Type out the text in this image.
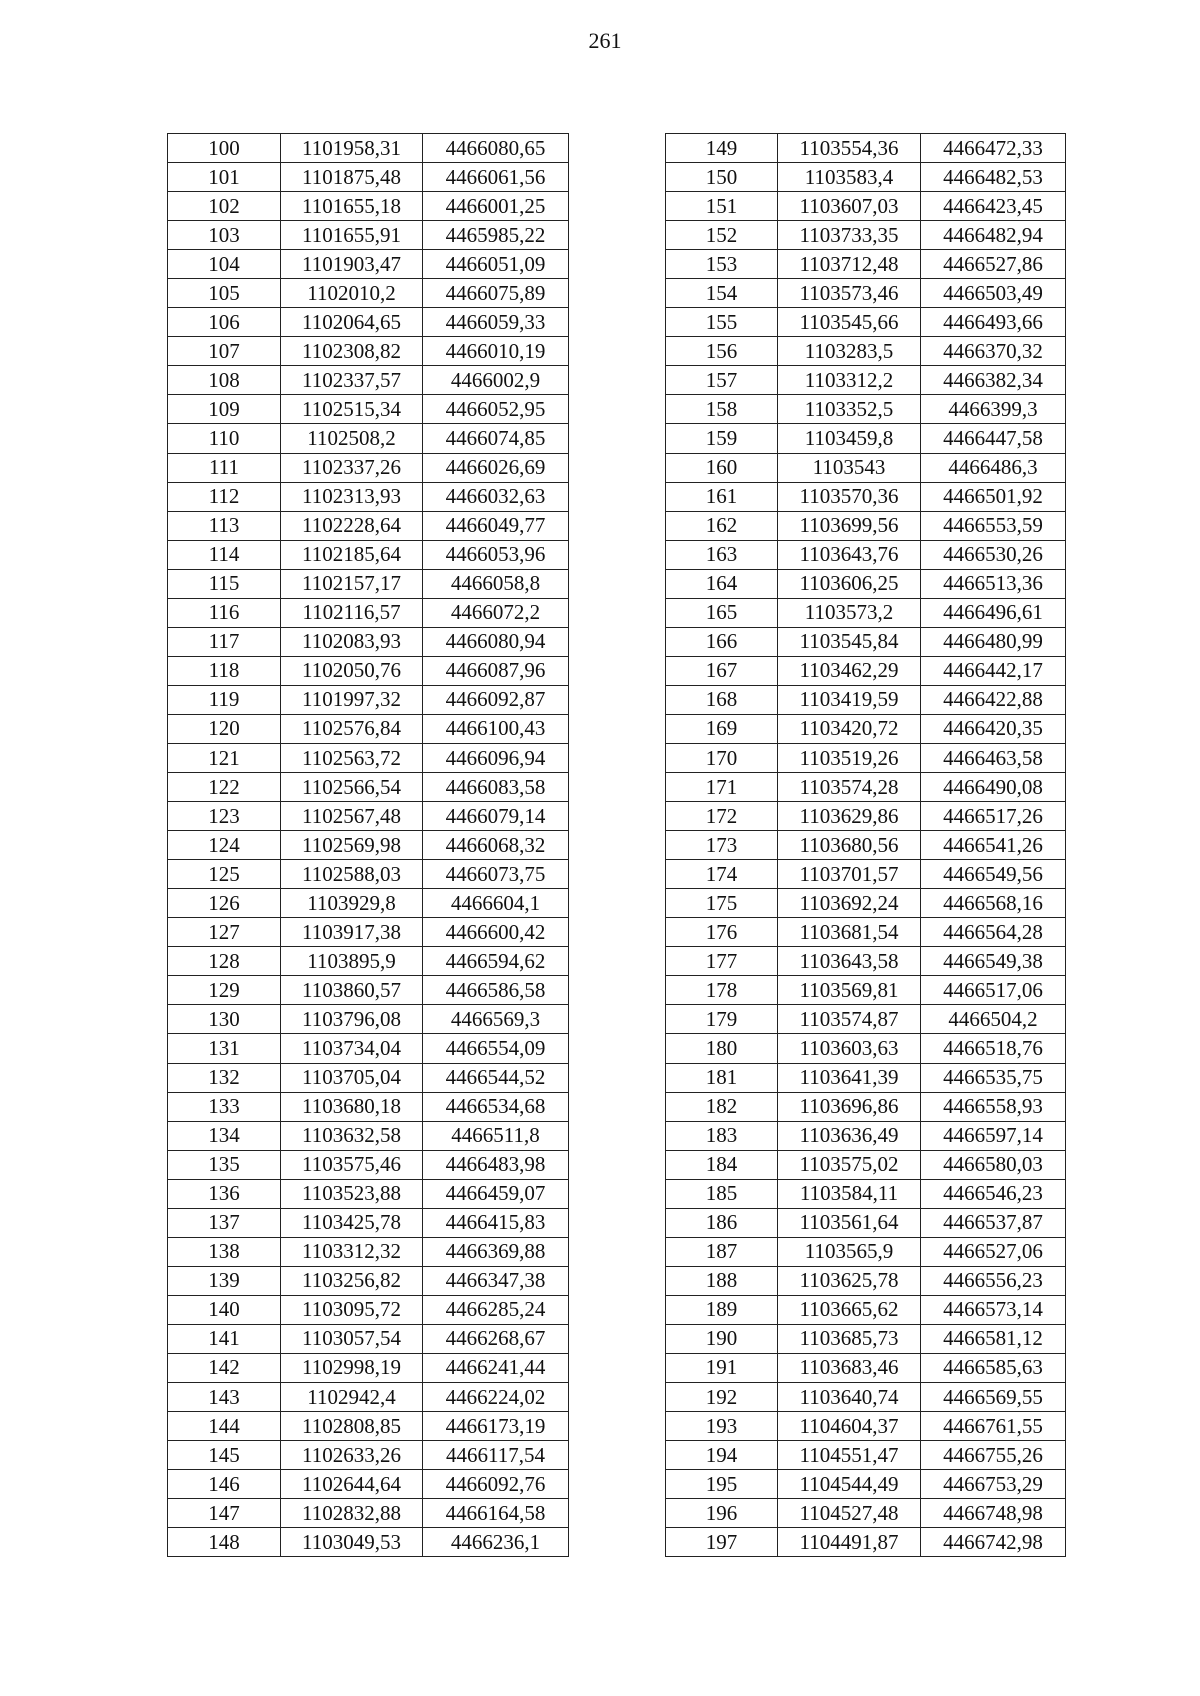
261
100	1101958,31	4466080,65
101	1101875,48	4466061,56
102	1101655,18	4466001,25
103	1101655,91	4465985,22
104	1101903,47	4466051,09
105	1102010,2	4466075,89
106	1102064,65	4466059,33
107	1102308,82	4466010,19
108	1102337,57	4466002,9
109	1102515,34	4466052,95
110	1102508,2	4466074,85
111	1102337,26	4466026,69
112	1102313,93	4466032,63
113	1102228,64	4466049,77
114	1102185,64	4466053,96
115	1102157,17	4466058,8
116	1102116,57	4466072,2
117	1102083,93	4466080,94
118	1102050,76	4466087,96
119	1101997,32	4466092,87
120	1102576,84	4466100,43
121	1102563,72	4466096,94
122	1102566,54	4466083,58
123	1102567,48	4466079,14
124	1102569,98	4466068,32
125	1102588,03	4466073,75
126	1103929,8	4466604,1
127	1103917,38	4466600,42
128	1103895,9	4466594,62
129	1103860,57	4466586,58
130	1103796,08	4466569,3
131	1103734,04	4466554,09
132	1103705,04	4466544,52
133	1103680,18	4466534,68
134	1103632,58	4466511,8
135	1103575,46	4466483,98
136	1103523,88	4466459,07
137	1103425,78	4466415,83
138	1103312,32	4466369,88
139	1103256,82	4466347,38
140	1103095,72	4466285,24
141	1103057,54	4466268,67
142	1102998,19	4466241,44
143	1102942,4	4466224,02
144	1102808,85	4466173,19
145	1102633,26	4466117,54
146	1102644,64	4466092,76
147	1102832,88	4466164,58
148	1103049,53	4466236,1
149	1103554,36	4466472,33
150	1103583,4	4466482,53
151	1103607,03	4466423,45
152	1103733,35	4466482,94
153	1103712,48	4466527,86
154	1103573,46	4466503,49
155	1103545,66	4466493,66
156	1103283,5	4466370,32
157	1103312,2	4466382,34
158	1103352,5	4466399,3
159	1103459,8	4466447,58
160	1103543	4466486,3
161	1103570,36	4466501,92
162	1103699,56	4466553,59
163	1103643,76	4466530,26
164	1103606,25	4466513,36
165	1103573,2	4466496,61
166	1103545,84	4466480,99
167	1103462,29	4466442,17
168	1103419,59	4466422,88
169	1103420,72	4466420,35
170	1103519,26	4466463,58
171	1103574,28	4466490,08
172	1103629,86	4466517,26
173	1103680,56	4466541,26
174	1103701,57	4466549,56
175	1103692,24	4466568,16
176	1103681,54	4466564,28
177	1103643,58	4466549,38
178	1103569,81	4466517,06
179	1103574,87	4466504,2
180	1103603,63	4466518,76
181	1103641,39	4466535,75
182	1103696,86	4466558,93
183	1103636,49	4466597,14
184	1103575,02	4466580,03
185	1103584,11	4466546,23
186	1103561,64	4466537,87
187	1103565,9	4466527,06
188	1103625,78	4466556,23
189	1103665,62	4466573,14
190	1103685,73	4466581,12
191	1103683,46	4466585,63
192	1103640,74	4466569,55
193	1104604,37	4466761,55
194	1104551,47	4466755,26
195	1104544,49	4466753,29
196	1104527,48	4466748,98
197	1104491,87	4466742,98
